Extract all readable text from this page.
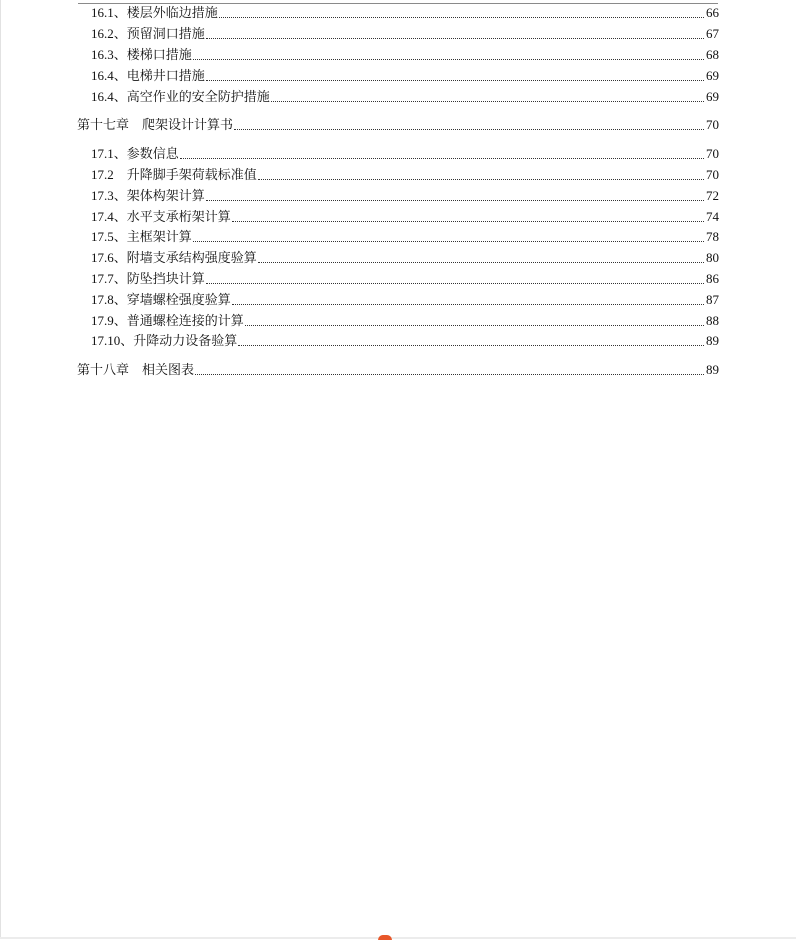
16.1、楼层外临边措施	66
16.2、预留洞口措施	67
16.3、楼梯口措施	68
16.4、电梯井口措施	69
16.4、高空作业的安全防护措施	69
第十七章　爬架设计计算书	70
17.1、参数信息	70
17.2　升降脚手架荷载标准值	70
17.3、架体构架计算	72
17.4、水平支承桁架计算	74
17.5、主框架计算	78
17.6、附墙支承结构强度验算	80
17.7、防坠挡块计算	86
17.8、穿墙螺栓强度验算	87
17.9、普通螺栓连接的计算	88
17.10、升降动力设备验算	89
第十八章　相关图表	89
